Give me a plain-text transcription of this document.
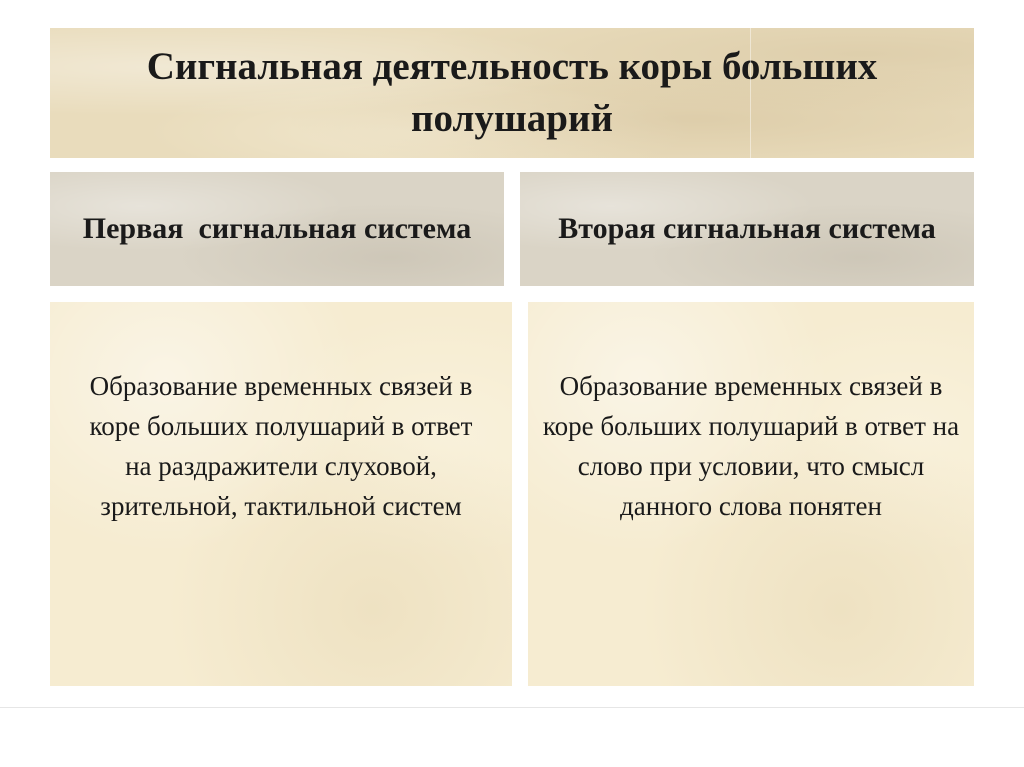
Сигнальная деятельность коры больших полушарий
Первая  сигнальная система	Вторая сигнальная система

Образование временных связей в коре больших полушарий в ответ на раздражители слуховой, зрительной, тактильной систем

Образование временных связей в коре больших полушарий в ответ на слово при условии, что смысл данного слова понятен
